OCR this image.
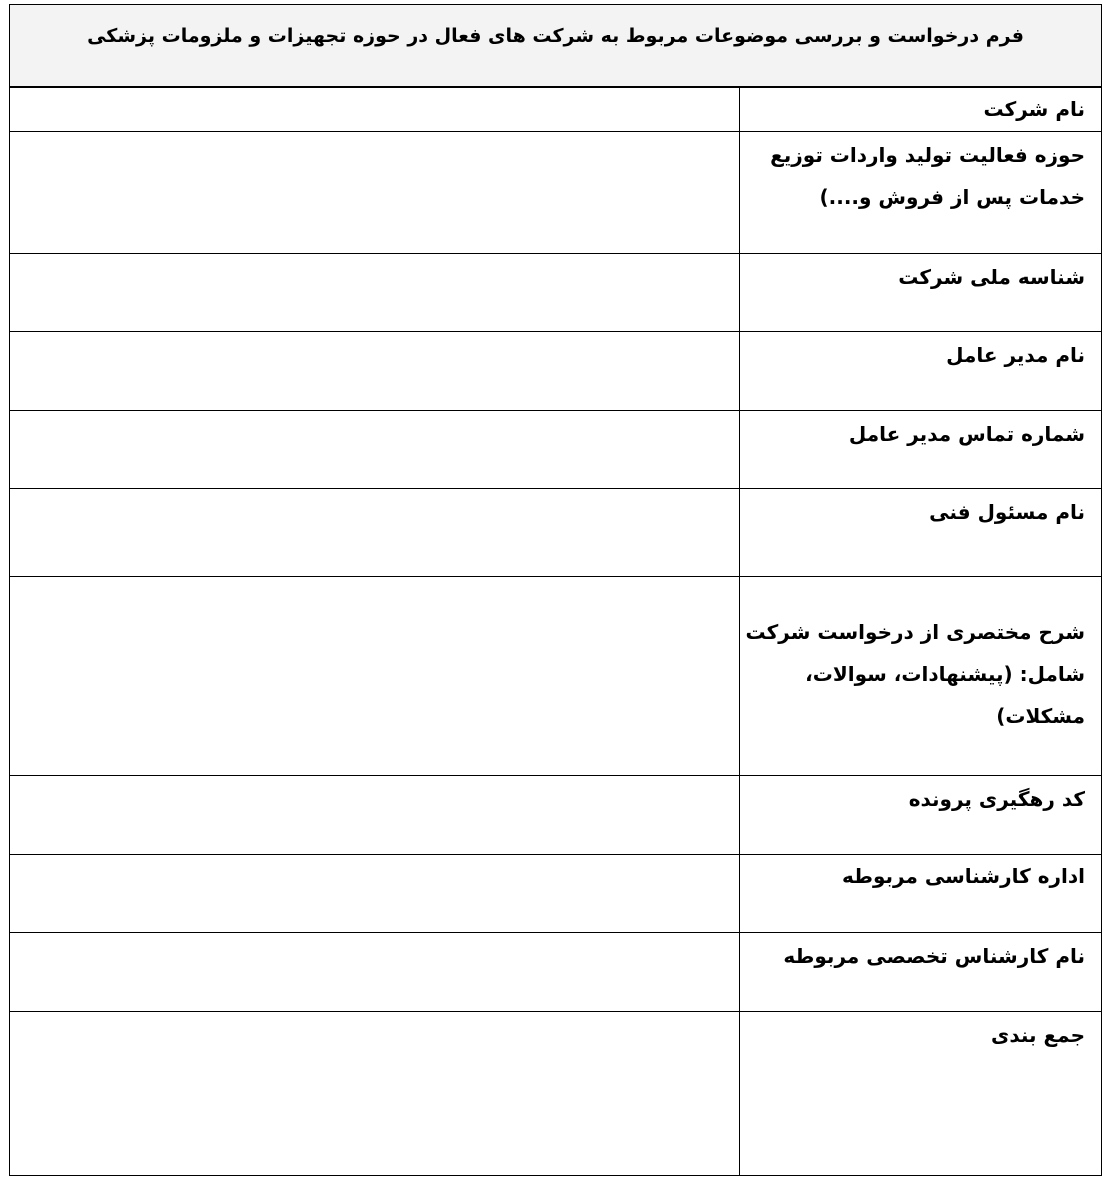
فرم درخواست و بررسی موضوعات مربوط به شرکت های فعال در حوزه تجهیزات و ملزومات پزشکی
نام شرکت
حوزه فعالیت تولید واردات توزیع
خدمات پس از فروش و....)
شناسه ملی شرکت
نام مدیر عامل
شماره تماس مدیر عامل
نام مسئول فنی
شرح مختصری از درخواست شرکت
شامل: (پیشنهادات، سوالات،
مشکلات)
کد رهگیری پرونده
اداره کارشناسی مربوطه
نام کارشناس تخصصی مربوطه
جمع بندی
